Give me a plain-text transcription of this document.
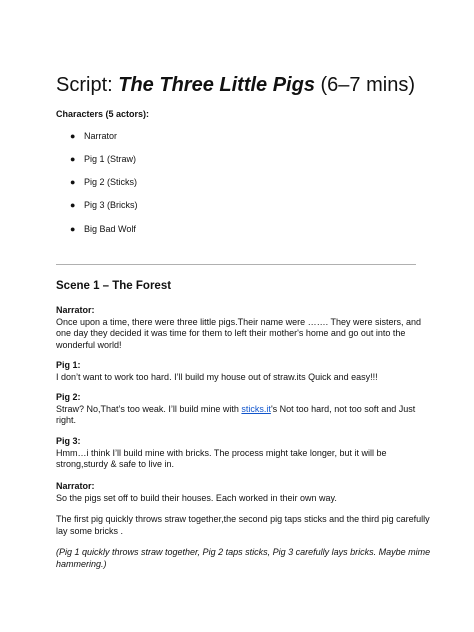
Script: The Three Little Pigs (6–7 mins)

Characters (5 actors):

● Narrator
● Pig 1 (Straw)
● Pig 2 (Sticks)
● Pig 3 (Bricks)
● Big Bad Wolf
Scene 1 – The Forest
Narrator:
Once upon a time, there were three little pigs.Their name were ……. They were sisters, and
one day they decided it was time for them to left their mother's home and go out into the
wonderful world!
Pig 1:
I don’t want to work too hard. I’ll build my house out of straw.its Quick and easy!!!
Pig 2:
Straw? No,That’s too weak. I’ll build mine with sticks.it's Not too hard, not too soft and Just
right.
Pig 3:
Hmm…i think I’ll build mine with bricks. The process might take longer, but it will be
strong,sturdy & safe to live in.
Narrator:
So the pigs set off to build their houses. Each worked in their own way.
The first pig quickly throws straw together,the second pig taps sticks and the third pig carefully
lay some bricks .
(Pig 1 quickly throws straw together, Pig 2 taps sticks, Pig 3 carefully lays bricks. Maybe mime
hammering.)
